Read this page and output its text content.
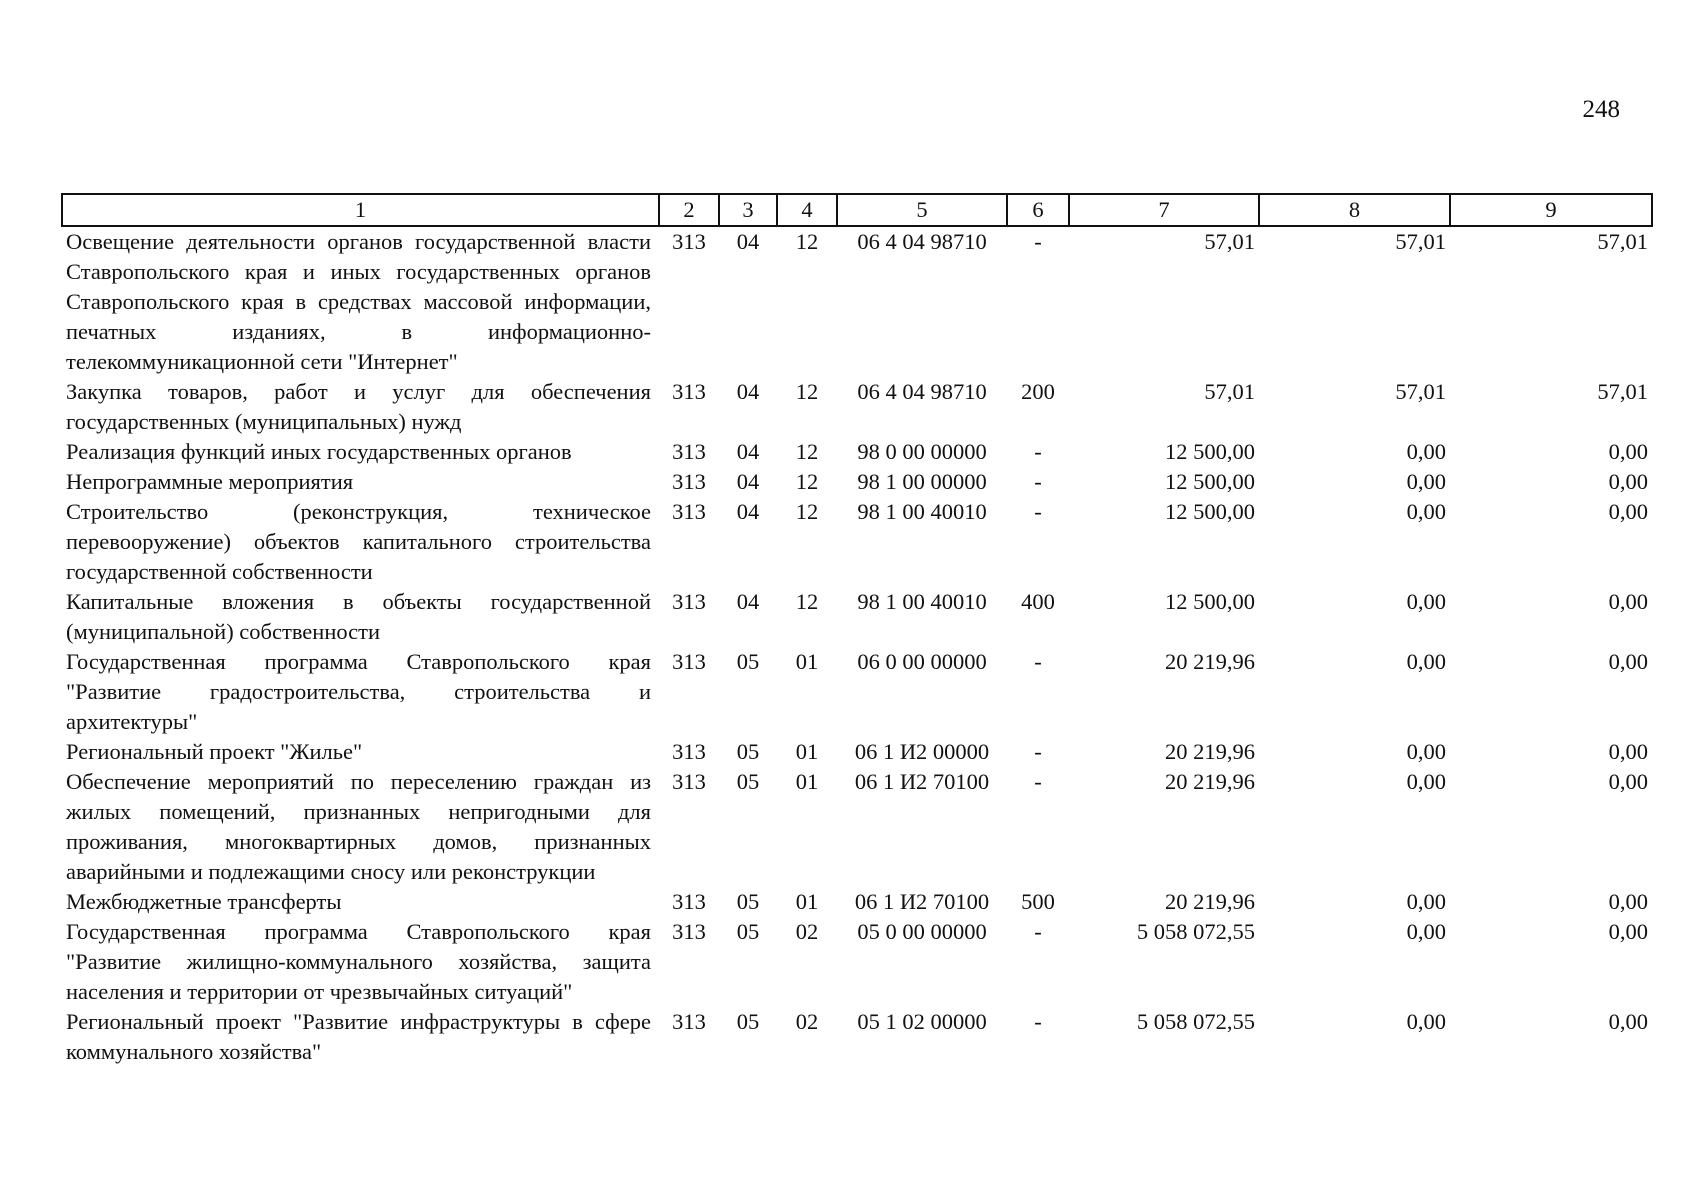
248
1	2	3	4	5	6	7	8	9
Освещение деятельности органов государственной власти Ставропольского края и иных государственных органов Ставропольского края в средствах массовой информации, печатных изданиях, в информационно-телекоммуникационной сети "Интернет"	313	04	12	06 4 04 98710	-	57,01	57,01	57,01
Закупка товаров, работ и услуг для обеспечения государственных (муниципальных) нужд	313	04	12	06 4 04 98710	200	57,01	57,01	57,01
Реализация функций иных государственных органов	313	04	12	98 0 00 00000	-	12 500,00	0,00	0,00
Непрограммные мероприятия	313	04	12	98 1 00 00000	-	12 500,00	0,00	0,00
Строительство (реконструкция, техническое перевооружение) объектов капитального строительства государственной собственности	313	04	12	98 1 00 40010	-	12 500,00	0,00	0,00
Капитальные вложения в объекты государственной (муниципальной) собственности	313	04	12	98 1 00 40010	400	12 500,00	0,00	0,00
Государственная программа Ставропольского края "Развитие градостроительства, строительства и архитектуры"	313	05	01	06 0 00 00000	-	20 219,96	0,00	0,00
Региональный проект "Жилье"	313	05	01	06 1 И2 00000	-	20 219,96	0,00	0,00
Обеспечение мероприятий по переселению граждан из жилых помещений, признанных непригодными для проживания, многоквартирных домов, признанных аварийными и подлежащими сносу или реконструкции	313	05	01	06 1 И2 70100	-	20 219,96	0,00	0,00
Межбюджетные трансферты	313	05	01	06 1 И2 70100	500	20 219,96	0,00	0,00
Государственная программа Ставропольского края "Развитие жилищно-коммунального хозяйства, защита населения и территории от чрезвычайных ситуаций"	313	05	02	05 0 00 00000	-	5 058 072,55	0,00	0,00
Региональный проект "Развитие инфраструктуры в сфере коммунального хозяйства"	313	05	02	05 1 02 00000	-	5 058 072,55	0,00	0,00
